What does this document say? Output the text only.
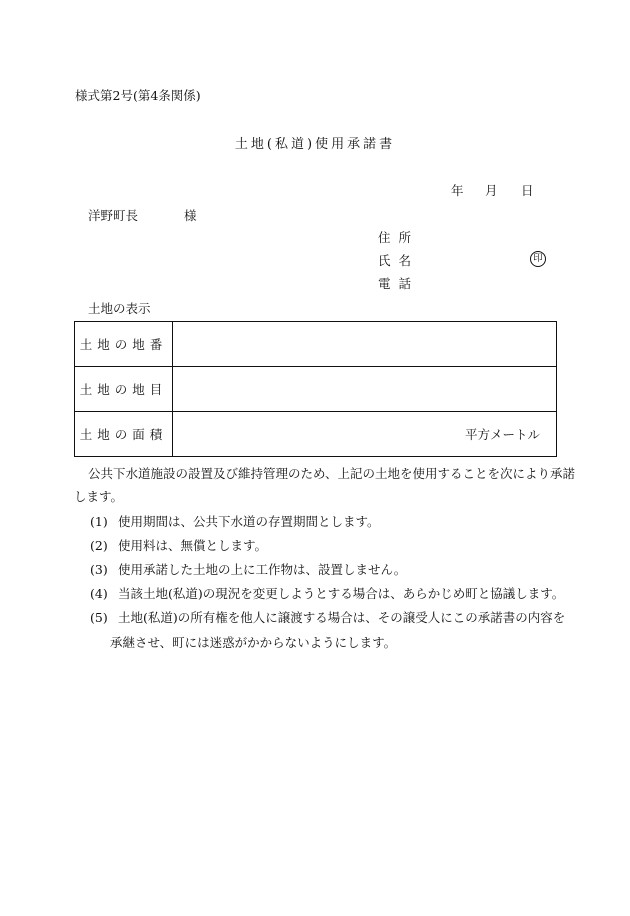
様式第2号(第4条関係)
土地(私道)使用承諾書
年 月 日
洋野町長	様
住所
氏名	印
電話
土地の表示
土地の地番	
土地の地目	
土地の面積	平方メートル
公共下水道施設の設置及び維持管理のため、上記の土地を使用することを次により承諾
します。
(1) 使用期間は、公共下水道の存置期間とします。
(2) 使用料は、無償とします。
(3) 使用承諾した土地の上に工作物は、設置しません。
(4) 当該土地(私道)の現況を変更しようとする場合は、あらかじめ町と協議します。
(5) 土地(私道)の所有権を他人に譲渡する場合は、その譲受人にこの承諾書の内容を
承継させ、町には迷惑がかからないようにします。
